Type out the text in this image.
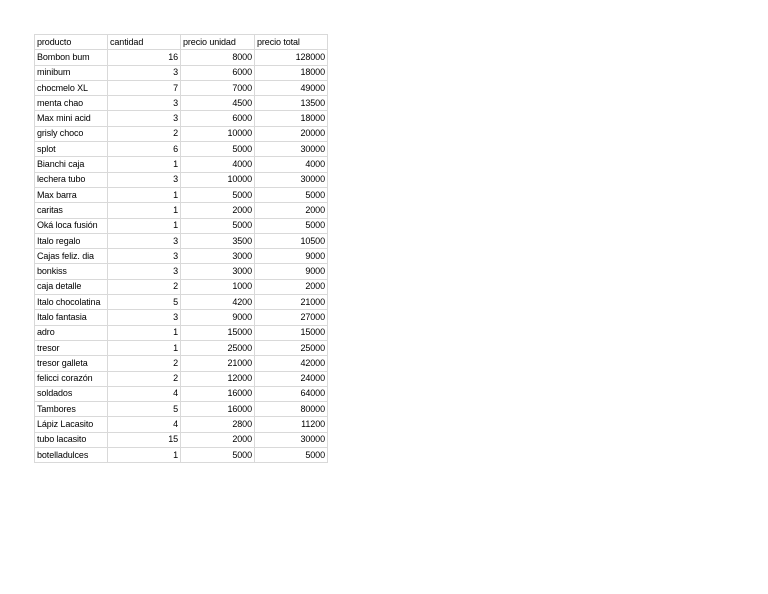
producto	cantidad	precio unidad	precio total
Bombon bum	16	8000	128000
minibum	3	6000	18000
chocmelo XL	7	7000	49000
menta chao	3	4500	13500
Max mini acid	3	6000	18000
grisly choco	2	10000	20000
splot	6	5000	30000
Bianchi caja	1	4000	4000
lechera tubo	3	10000	30000
Max barra	1	5000	5000
caritas	1	2000	2000
Oká loca fusión	1	5000	5000
Italo regalo	3	3500	10500
Cajas feliz. dia	3	3000	9000
bonkiss	3	3000	9000
caja detalle	2	1000	2000
Italo chocolatina	5	4200	21000
Italo fantasia	3	9000	27000
adro	1	15000	15000
tresor	1	25000	25000
tresor galleta	2	21000	42000
felicci corazón	2	12000	24000
soldados	4	16000	64000
Tambores	5	16000	80000
Lápiz Lacasito	4	2800	11200
tubo lacasito	15	2000	30000
botelladulces	1	5000	5000
